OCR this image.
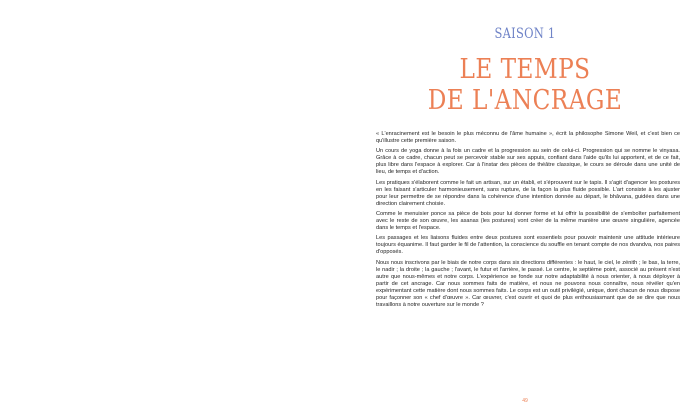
SAISON 1
LE TEMPS
DE L'ANCRAGE

« L'enracinement est le besoin le plus méconnu de l'âme humaine », écrit la philosophe Simone Weil, et c'est bien ce qu'illustre cette première saison.

Un cours de yoga donne à la fois un cadre et la progression au sein de celui-ci. Progression qui se nomme le vinyasa. Grâce à ce cadre, chacun peut se percevoir stable sur ses appuis, confiant dans l'aide qu'ils lui apportent, et de ce fait, plus libre dans l'espace à explorer. Car à l'instar des pièces de théâtre classique, le cours se déroule dans une unité de lieu, de temps et d'action.

Les pratiques s'élaborent comme le fait un artisan, sur un établi, et s'éprouvent sur le tapis. Il s'agit d'agencer les postures en les faisant s'articuler harmonieusement, sans rupture, de la façon la plus fluide possible. L'art consiste à les ajuster pour leur permettre de se répondre dans la cohérence d'une intention donnée au départ, le bhâvana, guidées dans une direction clairement choisie.

Comme le menuisier ponce sa pièce de bois pour lui donner forme et lui offrir la possibilité de s'emboîter parfaitement avec le reste de son œuvre, les asanas (les postures) vont créer de la même manière une œuvre singulière, agencée dans le temps et l'espace.

Les passages et les liaisons fluides entre deux postures sont essentiels pour pouvoir maintenir une attitude intérieure toujours équanime. Il faut garder le fil de l'attention, la conscience du souffle en tenant compte de nos dvandva, nos paires d'opposés.

Nous nous inscrivons par le biais de notre corps dans six directions différentes : le haut, le ciel, le zénith ; le bas, la terre, le nadir ; la droite ; la gauche ; l'avant, le futur et l'arrière, le passé. Le centre, le septième point, associé au présent n'est autre que nous-mêmes et notre corps. L'expérience se fonde sur notre adaptabilité à nous orienter, à nous déployer à partir de cet ancrage. Car nous sommes faits de matière, et nous ne pouvons nous connaître, nous révéler qu'en expérimentant cette matière dont nous sommes faits. Le corps est un outil privilégié, unique, dont chacun de nous dispose pour façonner son « chef d'œuvre ». Car œuvrer, c'est ouvrir et quoi de plus enthousiasmant que de se dire que nous travaillons à notre ouverture sur le monde ?

49
